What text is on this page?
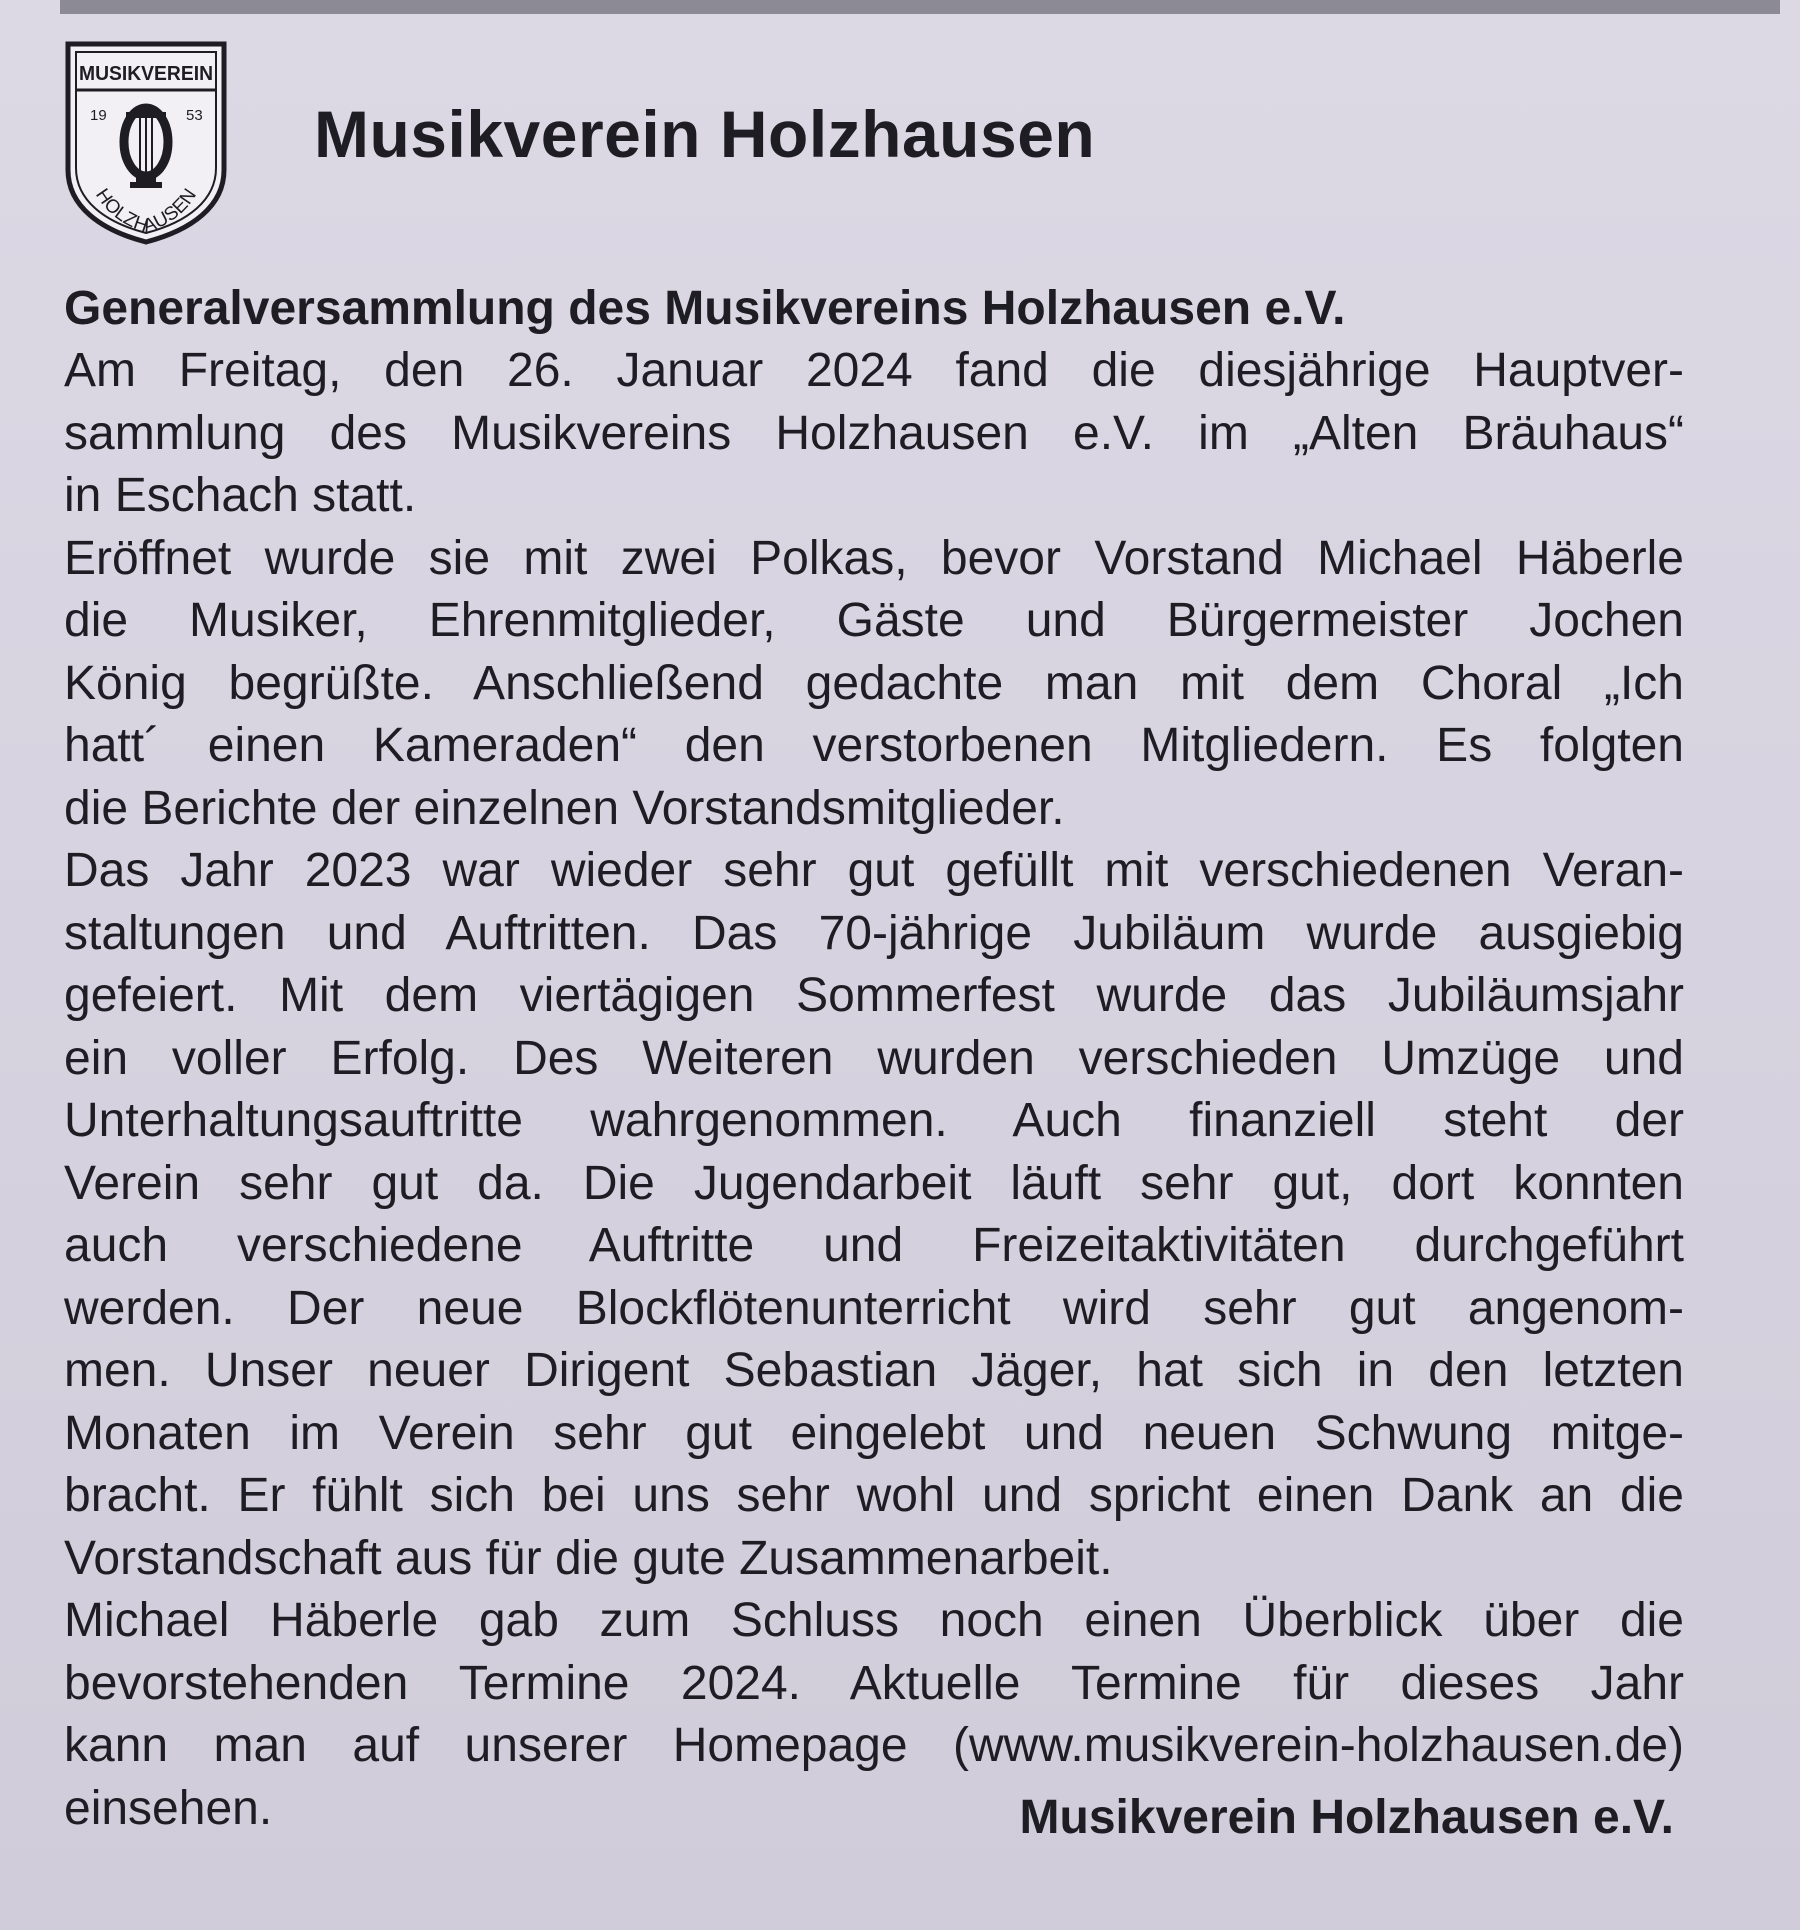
MUSIKVEREIN
19	53
HOLZHAUSEN
Musikverein Holzhausen
Generalversammlung des Musikvereins Holzhausen e.V.
Am Freitag, den 26. Januar 2024 fand die diesjährige Hauptver-
sammlung des Musikvereins Holzhausen e.V. im „Alten Bräuhaus“
in Eschach statt.
Eröffnet wurde sie mit zwei Polkas, bevor Vorstand Michael Häberle
die Musiker, Ehrenmitglieder, Gäste und Bürgermeister Jochen
König begrüßte. Anschließend gedachte man mit dem Choral „Ich
hatt´ einen Kameraden“ den verstorbenen Mitgliedern. Es folgten
die Berichte der einzelnen Vorstandsmitglieder.
Das Jahr 2023 war wieder sehr gut gefüllt mit verschiedenen Veran-
staltungen und Auftritten. Das 70-jährige Jubiläum wurde ausgiebig
gefeiert. Mit dem viertägigen Sommerfest wurde das Jubiläumsjahr
ein voller Erfolg. Des Weiteren wurden verschieden Umzüge und
Unterhaltungsauftritte wahrgenommen. Auch finanziell steht der
Verein sehr gut da. Die Jugendarbeit läuft sehr gut, dort konnten
auch verschiedene Auftritte und Freizeitaktivitäten durchgeführt
werden. Der neue Blockflötenunterricht wird sehr gut angenom-
men. Unser neuer Dirigent Sebastian Jäger, hat sich in den letzten
Monaten im Verein sehr gut eingelebt und neuen Schwung mitge-
bracht. Er fühlt sich bei uns sehr wohl und spricht einen Dank an die
Vorstandschaft aus für die gute Zusammenarbeit.
Michael Häberle gab zum Schluss noch einen Überblick über die
bevorstehenden Termine 2024. Aktuelle Termine für dieses Jahr
kann man auf unserer Homepage (www.musikverein-holzhausen.de)
einsehen.	Musikverein Holzhausen e.V.
